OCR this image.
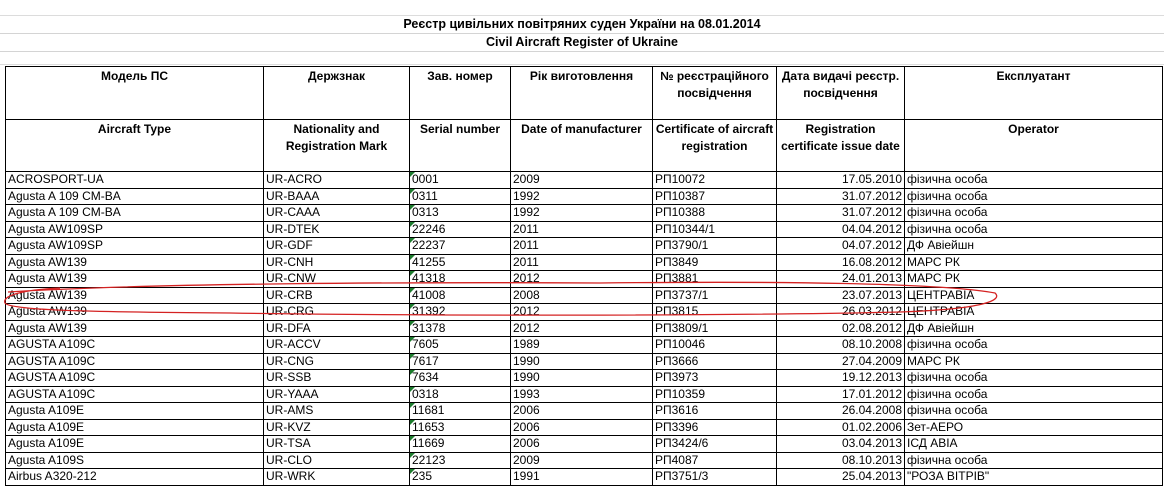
Реєстр цивільних повітряних суден України на 08.01.2014
Civil Aircraft Register of Ukraine
Модель ПС	Держзнак	Зав. номер	Рік виготовлення	№ реєстраційного посвідчення	Дата видачі реєстр. посвідчення	Експлуатант
Aircraft Type	Nationality and Registration Mark	Serial number	Date of manufacturer	Certificate of aircraft registration	Registration certificate issue date	Operator
ACROSPORT-UA	UR-ACRO	0001	2009	РП10072	17.05.2010	фізична особа
Agusta A 109 CM-BA	UR-BAAA	0311	1992	РП10387	31.07.2012	фізична особа
Agusta A 109 CM-BA	UR-CAAA	0313	1992	РП10388	31.07.2012	фізична особа
Agusta AW109SP	UR-DTEK	22246	2011	РП10344/1	04.04.2012	фізична особа
Agusta AW109SP	UR-GDF	22237	2011	РП3790/1	04.07.2012	ДФ Авіейшн
Agusta AW139	UR-CNH	41255	2011	РП3849	16.08.2012	МАРС РК
Agusta AW139	UR-CNW	41318	2012	РП3881	24.01.2013	МАРС РК
Agusta AW139	UR-CRB	41008	2008	РП3737/1	23.07.2013	ЦЕНТРАВІА
Agusta AW139	UR-CRG	31392	2012	РП3815	26.03.2012	ЦЕНТРАВІА
Agusta AW139	UR-DFA	31378	2012	РП3809/1	02.08.2012	ДФ Авіейшн
AGUSTA A109C	UR-ACCV	7605	1989	РП10046	08.10.2008	фізична особа
AGUSTA A109C	UR-CNG	7617	1990	РП3666	27.04.2009	МАРС РК
AGUSTA A109C	UR-SSB	7634	1990	РП3973	19.12.2013	фізична особа
AGUSTA A109C	UR-YAAA	0318	1993	РП10359	17.01.2012	фізична особа
Agusta A109E	UR-AMS	11681	2006	РП3616	26.04.2008	фізична особа
Agusta A109E	UR-KVZ	11653	2006	РП3396	01.02.2006	Зет-АЕРО
Agusta A109E	UR-TSA	11669	2006	РП3424/6	03.04.2013	ІСД АВІА
Agusta A109S	UR-CLO	22123	2009	РП4087	08.10.2013	фізична особа
Airbus A320-212	UR-WRK	235	1991	РП3751/3	25.04.2013	"РОЗА ВІТРІВ"
